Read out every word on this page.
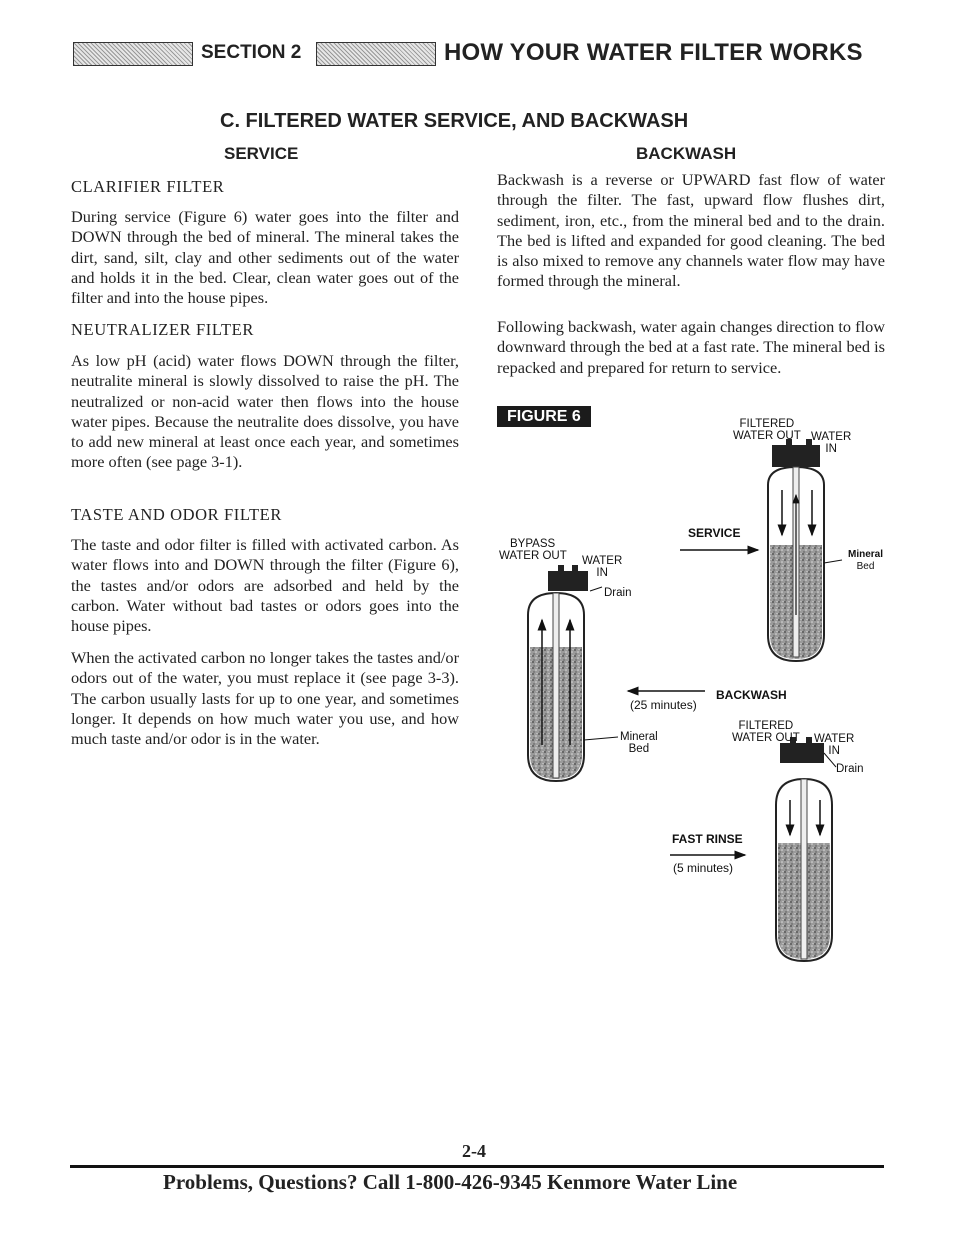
SECTION 2	HOW YOUR WATER FILTER WORKS
C. FILTERED WATER SERVICE, AND BACKWASH
SERVICE
CLARIFIER FILTER
During service (Figure 6) water goes into the filter and DOWN through the bed of mineral. The mineral takes the dirt, sand, silt, clay and other sediments out of the water and holds it in the bed. Clear, clean water goes out of the filter and into the house pipes.
NEUTRALIZER FILTER
As low pH (acid) water flows DOWN through the filter, neutralite mineral is slowly dissolved to raise the pH. The neutralized or non-acid water then flows into the house water pipes. Because the neutralite does dissolve, you have to add new mineral at least once each year, and sometimes more often (see page 3-1).
TASTE AND ODOR FILTER
The taste and odor filter is filled with activated carbon. As water flows into and DOWN through the filter (Figure 6), the tastes and/or odors are adsorbed and held by the carbon. Water without bad tastes or odors goes into the house pipes.
When the activated carbon no longer takes the tastes and/or odors out of the water, you must replace it (see page 3-3). The carbon usually lasts for up to one year, and sometimes longer. It depends on how much water you use, and how much taste and/or odor is in the water.
BACKWASH
Backwash is a reverse or UPWARD fast flow of water through the filter. The fast, upward flow flushes dirt, sediment, iron, etc., from the mineral bed and to the drain. The bed is lifted and expanded for good cleaning. The bed is also mixed to remove any channels water flow may have formed through the mineral.
Following backwash, water again changes direction to flow downward through the bed at a fast rate. The mineral bed is repacked and prepared for return to service.
FIGURE 6	FILTERED
WATER OUT WATER
IN
SERVICE
Mineral
Bed
BYPASS
WATER OUT WATER
IN
Drain
BACKWASH
(25 minutes)
Mineral
Bed
FILTERED
WATER OUT WATER
IN
Drain
FAST RINSE
(5 minutes)
2-4
Problems, Questions? Call 1-800-426-9345 Kenmore Water Line
